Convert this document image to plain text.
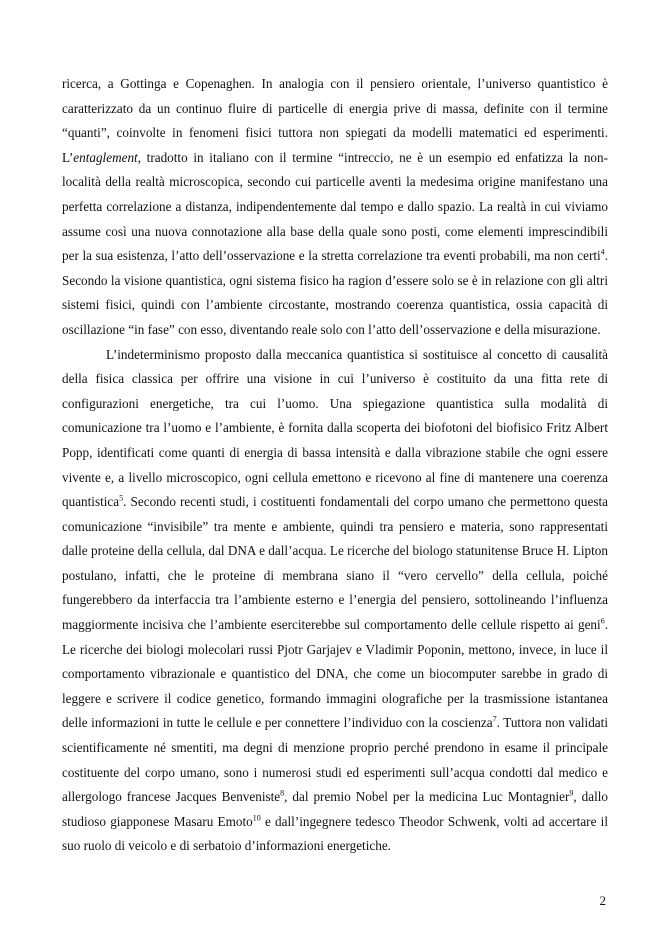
ricerca, a Gottinga e Copenaghen. In analogia con il pensiero orientale, l’universo quantistico è caratterizzato da un continuo fluire di particelle di energia prive di massa, definite con il termine “quanti”, coinvolte in fenomeni fisici tuttora non spiegati da modelli matematici ed esperimenti. L’entaglement, tradotto in italiano con il termine “intreccio, ne è un esempio ed enfatizza la non-località della realtà microscopica, secondo cui particelle aventi la medesima origine manifestano una perfetta correlazione a distanza, indipendentemente dal tempo e dallo spazio. La realtà in cui viviamo assume così una nuova connotazione alla base della quale sono posti, come elementi imprescindibili per la sua esistenza, l’atto dell’osservazione e la stretta correlazione tra eventi probabili, ma non certi$^4$. Secondo la visione quantistica, ogni sistema fisico ha ragion d’essere solo se è in relazione con gli altri sistemi fisici, quindi con l’ambiente circostante, mostrando coerenza quantistica, ossia capacità di oscillazione “in fase” con esso, diventando reale solo con l’atto dell’osservazione e della misurazione.

L’indeterminismo proposto dalla meccanica quantistica si sostituisce al concetto di causalità della fisica classica per offrire una visione in cui l’universo è costituito da una fitta rete di configurazioni energetiche, tra cui l’uomo. Una spiegazione quantistica sulla modalità di comunicazione tra l’uomo e l’ambiente, è fornita dalla scoperta dei biofotoni del biofisico Fritz Albert Popp, identificati come quanti di energia di bassa intensità e dalla vibrazione stabile che ogni essere vivente e, a livello microscopico, ogni cellula emettono e ricevono al fine di mantenere una coerenza quantistica$^5$. Secondo recenti studi, i costituenti fondamentali del corpo umano che permettono questa comunicazione “invisibile” tra mente e ambiente, quindi tra pensiero e materia, sono rappresentati dalle proteine della cellula, dal DNA e dall’acqua. Le ricerche del biologo statunitense Bruce H. Lipton postulano, infatti, che le proteine di membrana siano il “vero cervello” della cellula, poiché fungerebbero da interfaccia tra l’ambiente esterno e l’energia del pensiero, sottolineando l’influenza maggiormente incisiva che l’ambiente eserciterebbe sul comportamento delle cellule rispetto ai geni$^6$. Le ricerche dei biologi molecolari russi Pjotr Garjajev e Vladimir Poponin, mettono, invece, in luce il comportamento vibrazionale e quantistico del DNA, che come un biocomputer sarebbe in grado di leggere e scrivere il codice genetico, formando immagini olografiche per la trasmissione istantanea delle informazioni in tutte le cellule e per connettere l’individuo con la coscienza$^7$. Tuttora non validati scientificamente né smentiti, ma degni di menzione proprio perché prendono in esame il principale costituente del corpo umano, sono i numerosi studi ed esperimenti sull’acqua condotti dal medico e allergologo francese Jacques Benveniste$^8$, dal premio Nobel per la medicina Luc Montagnier$^9$, dallo studioso giapponese Masaru Emoto$^{10}$ e dall’ingegnere tedesco Theodor Schwenk, volti ad accertare il suo ruolo di veicolo e di serbatoio d’informazioni energetiche.

2
